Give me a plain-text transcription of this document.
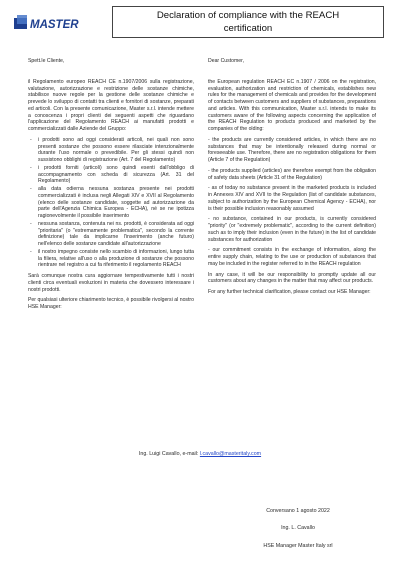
MASTER
Declaration of compliance with the REACH
certification

Spett.le Cliente,

il Regolamento europeo REACH CE n.1907/2006 sulla registrazione, valutazione, autorizzazione e restrizione delle sostanze chimiche, stabilisce nuove regole per la gestione delle sostanze chimiche e prevede lo sviluppo di contatti tra clienti e fornitori di sostanze, preparati ed articoli. Con la presente comunicazione, Master s.r.l. intende mettere a conoscenza i propri clienti dei seguenti aspetti che riguardano l'applicazione del Regolamento REACH ai manufatti prodotti e commercializzati dalle Aziende del Gruppo:

- i prodotti sono ad oggi considerati articoli, nei quali non sono presenti sostanze che possono essere rilasciate intenzionalmente durante l'uso normale o prevedibile. Per gli stessi quindi non sussistono obblighi di registrazione (Art. 7 del Regolamento)
- i prodotti forniti (articoli) sono quindi esenti dall'obbligo di accompagnamento con scheda di sicurezza (Art. 31 del Regolamento)
- alla data odierna nessuna sostanza presente nei prodotti commercializzati è inclusa negli Allegati XIV e XVII al Regolamento (elenco delle sostanze candidate, soggette ad autorizzazione da parte dell'Agenzia Chimica Europea - ECHA), né se ne ipotizza ragionevolmente il possibile inserimento
- nessuna sostanza, contenuta nei ns. prodotti, è considerata ad oggi "prioritaria" (o "estremamente problematica", secondo la corrente definizione) tale da implicarne l'inserimento (anche futuro) nell'elenco delle sostanze candidate all'autorizzazione
- il nostro impegno consiste nello scambio di informazioni, lungo tutta la filiera, relative all'uso o alla produzione di sostanze che possono rientrare nel registro a cui fa riferimento il regolamento REACH

Sarà comunque nostra cura aggiornare tempestivamente tutti i nostri clienti circa eventuali evoluzioni in materia che dovessero interessare i nostri prodotti.

Per qualsiasi ulteriore chiarimento tecnico, è possibile rivolgersi al nostro HSE Manager:

Dear Customer,

the European regulation REACH EC n.1907 / 2006 on the registration, evaluation, authorization and restriction of chemicals, establishes new rules for the management of chemicals and provides for the development of contacts between customers and suppliers of substances, preparations and articles. With this communication, Master s.r.l. intends to make its customers aware of the following aspects concerning the application of the REACH Regulation to products produced and marketed by the companies of the olding:

- the products are currently considered articles, in which there are no substances that may be intentionally released during normal or foreseeable use. Therefore, there are no registration obligations for them (Article 7 of the Regulation)
- the products supplied (articles) are therefore exempt from the obligation of safety data sheets (Article 31 of the Regulation)
- as of today no substance present in the marketed products is included in Annexes XIV and XVII to the Regulation (list of candidate substances, subject to authorization by the European Chemical Agency - ECHA), nor is their possible inclusion reasonably assumed
- no substance, contained in our products, is currently considered "priority" (or "extremely problematic", according to the current definition) such as to imply their inclusion (even in the future) in the list of candidate substances for authorization
- our commitment consists in the exchange of information, along the entire supply chain, relating to the use or production of substances that may be included in the register referred to in the REACH regulation

In any case, it will be our responsibility to promptly update all our customers about any changes in the matter that may affect our products.

For any further technical clarification, please contact our HSE Manager:

Ing. Luigi Cavallo, e-mail: l.cavallo@masteritaly.com
Conversano 1 agosto 2022
Ing. L. Cavallo
HSE Manager Master Italy srl
